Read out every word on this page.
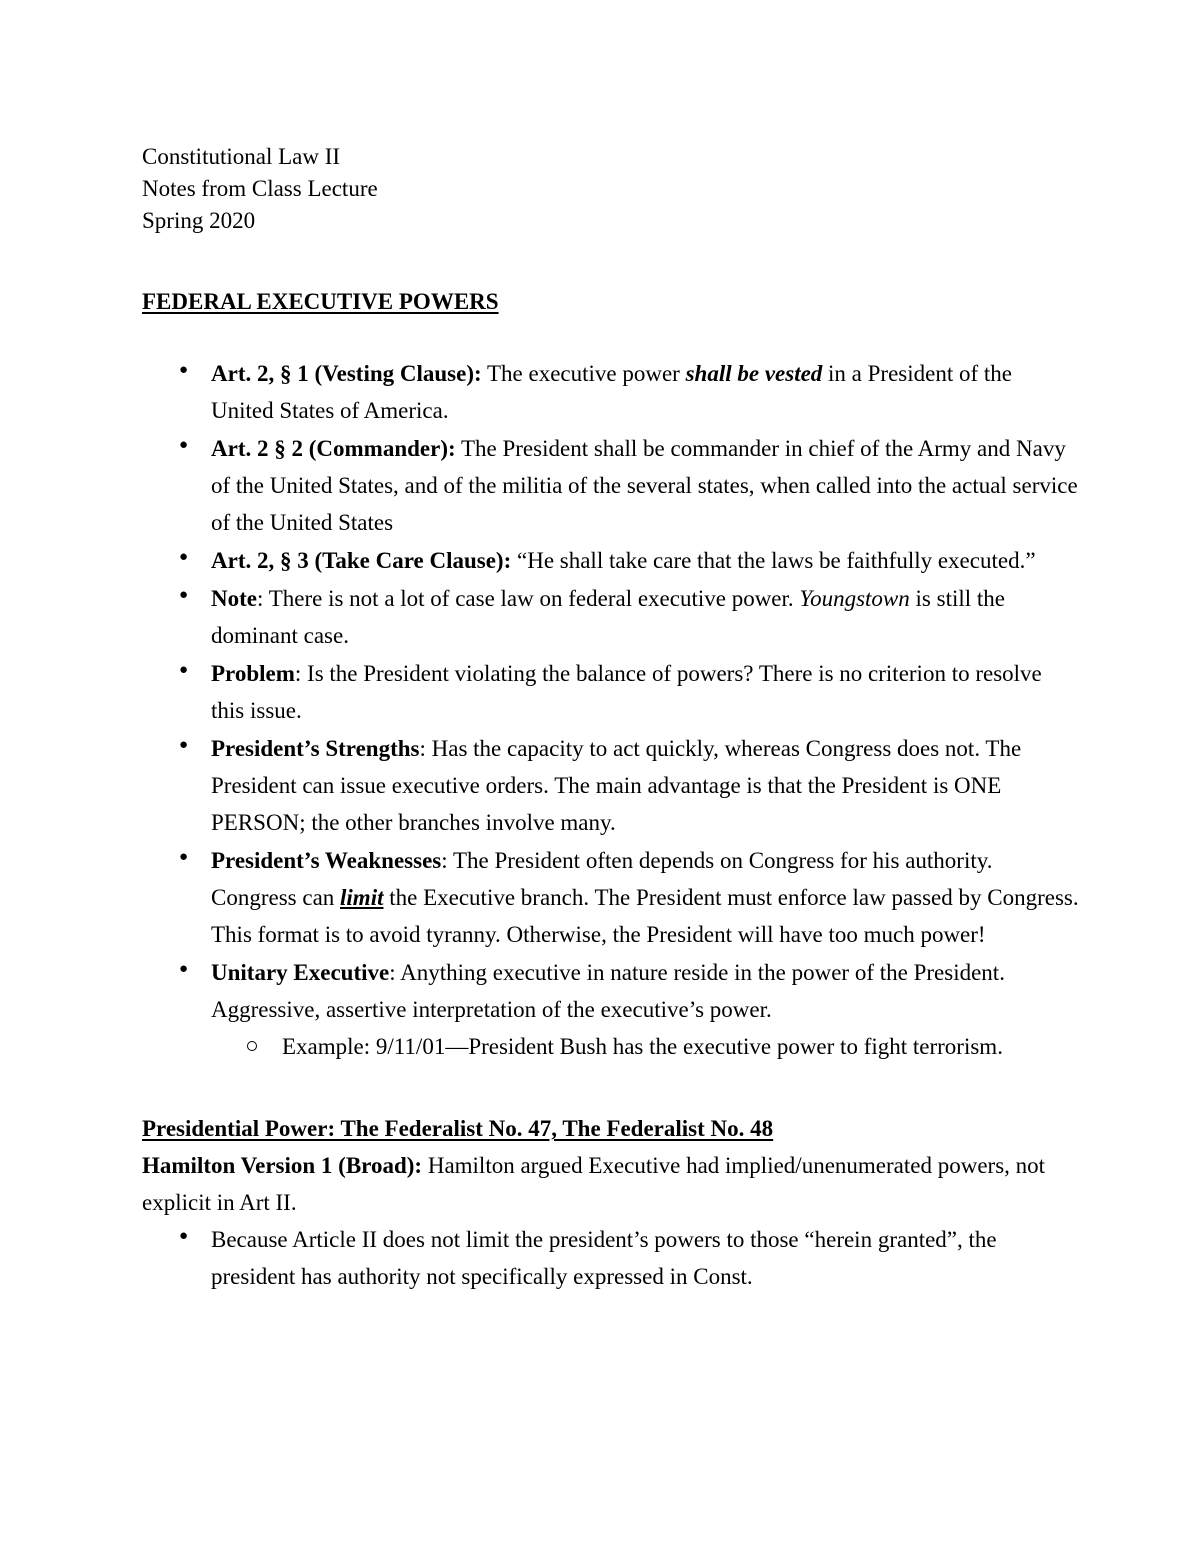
Constitutional Law II
Notes from Class Lecture
Spring 2020
FEDERAL EXECUTIVE POWERS
● Art. 2, § 1 (Vesting Clause): The executive power shall be vested in a President of the United States of America.
● Art. 2 § 2 (Commander): The President shall be commander in chief of the Army and Navy of the United States, and of the militia of the several states, when called into the actual service of the United States
● Art. 2, § 3 (Take Care Clause): “He shall take care that the laws be faithfully executed.”
● Note: There is not a lot of case law on federal executive power. Youngstown is still the dominant case.
● Problem: Is the President violating the balance of powers? There is no criterion to resolve this issue.
● President’s Strengths: Has the capacity to act quickly, whereas Congress does not. The President can issue executive orders. The main advantage is that the President is ONE PERSON; the other branches involve many.
● President’s Weaknesses: The President often depends on Congress for his authority. Congress can limit the Executive branch. The President must enforce law passed by Congress. This format is to avoid tyranny. Otherwise, the President will have too much power!
● Unitary Executive: Anything executive in nature reside in the power of the President. Aggressive, assertive interpretation of the executive’s power.
Example: 9/11/01—President Bush has the executive power to fight terrorism.
Presidential Power: The Federalist No. 47, The Federalist No. 48
Hamilton Version 1 (Broad): Hamilton argued Executive had implied/unenumerated powers, not explicit in Art II.
● Because Article II does not limit the president’s powers to those “herein granted”, the president has authority not specifically expressed in Const.
